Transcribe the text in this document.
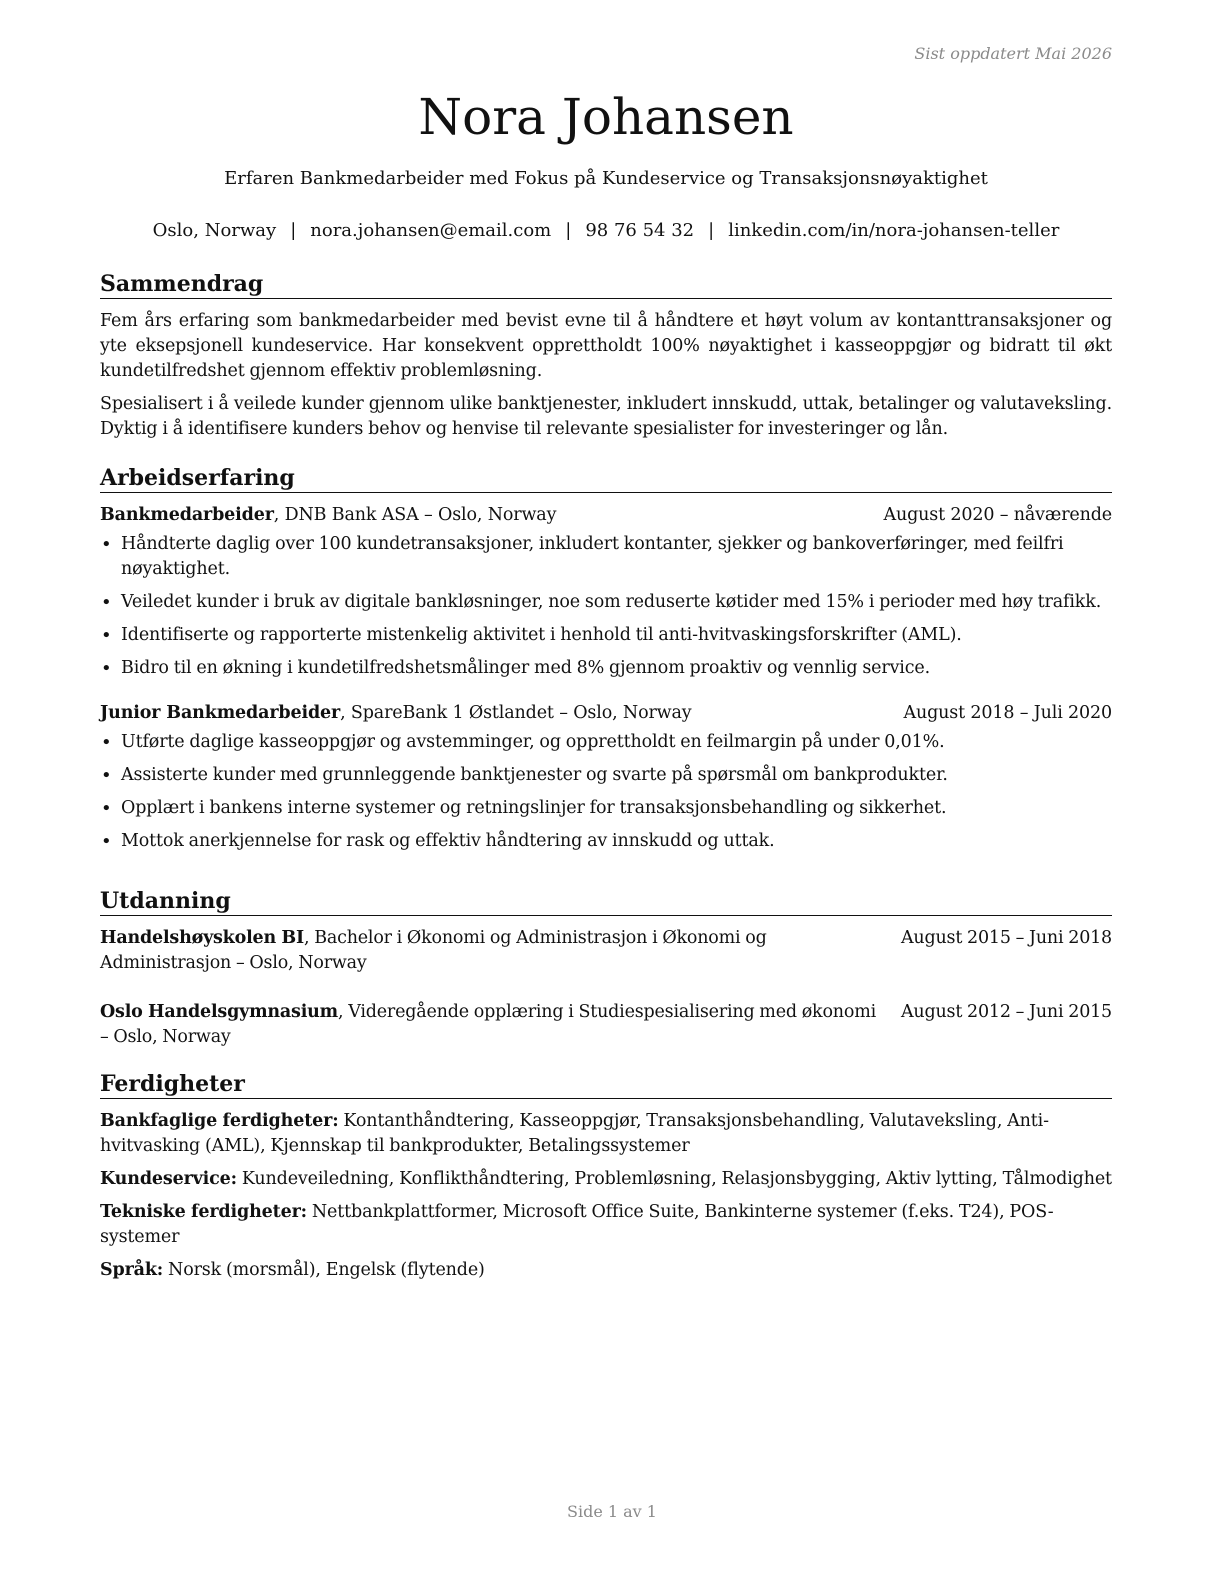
Sist oppdatert Mai 2026
Nora Johansen
Erfaren Bankmedarbeider med Fokus på Kundeservice og Transaksjonsnøyaktighet
Oslo, Norway | nora.johansen@email.com | 98 76 54 32 | linkedin.com/in/nora-johansen-teller
Sammendrag

Fem års erfaring som bankmedarbeider med bevist evne til å håndtere et høyt volum av kontanttransaksjoner og yte eksepsjonell kundeservice. Har konsekvent opprettholdt 100% nøyaktighet i kasseoppgjør og bidratt til økt kundetilfredshet gjennom effektiv problemløsning.

Spesialisert i å veilede kunder gjennom ulike banktjenester, inkludert innskudd, uttak, betalinger og valutaveksling. Dyktig i å identifisere kunders behov og henvise til relevante spesialister for investeringer og lån.

Arbeidserfaring
Bankmedarbeider, DNB Bank ASA – Oslo, Norway	August 2020 – nåværende
• Håndterte daglig over 100 kundetransaksjoner, inkludert kontanter, sjekker og bankoverføringer, med feilfri nøyaktighet.
• Veiledet kunder i bruk av digitale bankløsninger, noe som reduserte køtider med 15% i perioder med høy trafikk.
• Identifiserte og rapporterte mistenkelig aktivitet i henhold til anti-hvitvaskingsforskrifter (AML).
• Bidro til en økning i kundetilfredshetsmålinger med 8% gjennom proaktiv og vennlig service.
Junior Bankmedarbeider, SpareBank 1 Østlandet – Oslo, Norway	August 2018 – Juli 2020
• Utførte daglige kasseoppgjør og avstemminger, og opprettholdt en feilmargin på under 0,01%.
• Assisterte kunder med grunnleggende banktjenester og svarte på spørsmål om bankprodukter.
• Opplært i bankens interne systemer og retningslinjer for transaksjonsbehandling og sikkerhet.
• Mottok anerkjennelse for rask og effektiv håndtering av innskudd og uttak.
Utdanning
Handelshøyskolen BI, Bachelor i Økonomi og Administrasjon i Økonomi og Administrasjon – Oslo, Norway
August 2015 – Juni 2018
Oslo Handelsgymnasium, Videregående opplæring i Studiespesialisering med økonomi – Oslo, Norway
August 2012 – Juni 2015
Ferdigheter
Bankfaglige ferdigheter: Kontanthåndtering, Kasseoppgjør, Transaksjonsbehandling, Valutaveksling, Anti-hvitvasking (AML), Kjennskap til bankprodukter, Betalingssystemer
Kundeservice: Kundeveiledning, Konflikthåndtering, Problemløsning, Relasjonsbygging, Aktiv lytting, Tålmodighet
Tekniske ferdigheter: Nettbankplattformer, Microsoft Office Suite, Bankinterne systemer (f.eks. T24), POS-systemer
Språk: Norsk (morsmål), Engelsk (flytende)
Side 1 av 1
